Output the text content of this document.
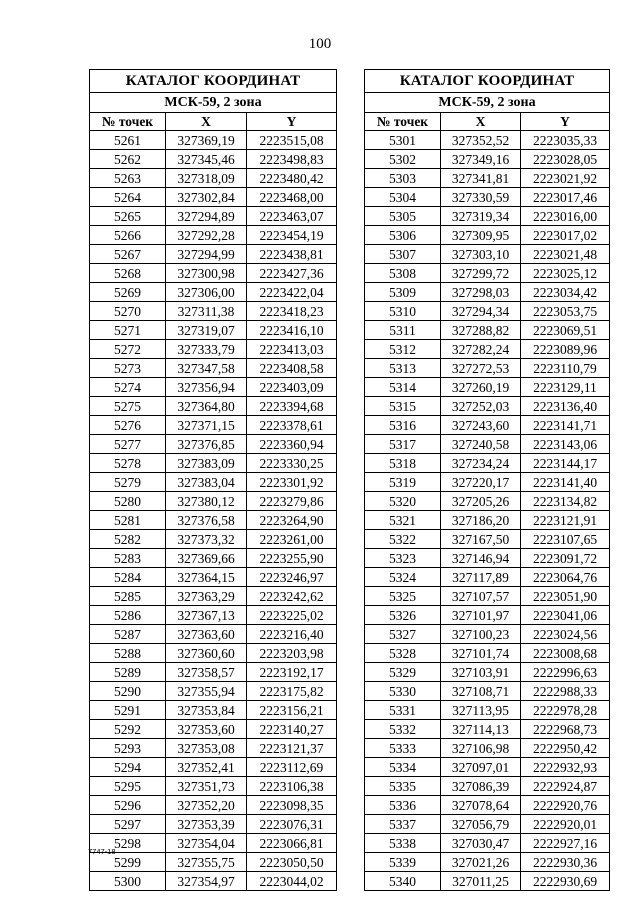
100
КАТАЛОГ КООРДИНАТ		
МСК-59, 2 зона		
№ точек	X	Y
5261	327369,19	2223515,08
5262	327345,46	2223498,83
5263	327318,09	2223480,42
5264	327302,84	2223468,00
5265	327294,89	2223463,07
5266	327292,28	2223454,19
5267	327294,99	2223438,81
5268	327300,98	2223427,36
5269	327306,00	2223422,04
5270	327311,38	2223418,23
5271	327319,07	2223416,10
5272	327333,79	2223413,03
5273	327347,58	2223408,58
5274	327356,94	2223403,09
5275	327364,80	2223394,68
5276	327371,15	2223378,61
5277	327376,85	2223360,94
5278	327383,09	2223330,25
5279	327383,04	2223301,92
5280	327380,12	2223279,86
5281	327376,58	2223264,90
5282	327373,32	2223261,00
5283	327369,66	2223255,90
5284	327364,15	2223246,97
5285	327363,29	2223242,62
5286	327367,13	2223225,02
5287	327363,60	2223216,40
5288	327360,60	2223203,98
5289	327358,57	2223192,17
5290	327355,94	2223175,82
5291	327353,84	2223156,21
5292	327353,60	2223140,27
5293	327353,08	2223121,37
5294	327352,41	2223112,69
5295	327351,73	2223106,38
5296	327352,20	2223098,35
5297	327353,39	2223076,31
5298	327354,04	2223066,81
5299	327355,75	2223050,50
5300	327354,97	2223044,02
КАТАЛОГ КООРДИНАТ		
МСК-59, 2 зона		
№ точек	X	Y
5301	327352,52	2223035,33
5302	327349,16	2223028,05
5303	327341,81	2223021,92
5304	327330,59	2223017,46
5305	327319,34	2223016,00
5306	327309,95	2223017,02
5307	327303,10	2223021,48
5308	327299,72	2223025,12
5309	327298,03	2223034,42
5310	327294,34	2223053,75
5311	327288,82	2223069,51
5312	327282,24	2223089,96
5313	327272,53	2223110,79
5314	327260,19	2223129,11
5315	327252,03	2223136,40
5316	327243,60	2223141,71
5317	327240,58	2223143,06
5318	327234,24	2223144,17
5319	327220,17	2223141,40
5320	327205,26	2223134,82
5321	327186,20	2223121,91
5322	327167,50	2223107,65
5323	327146,94	2223091,72
5324	327117,89	2223064,76
5325	327107,57	2223051,90
5326	327101,97	2223041,06
5327	327100,23	2223024,56
5328	327101,74	2223008,68
5329	327103,91	2222996,63
5330	327108,71	2222988,33
5331	327113,95	2222978,28
5332	327114,13	2222968,73
5333	327106,98	2222950,42
5334	327097,01	2222932,93
5335	327086,39	2222924,87
5336	327078,64	2222920,76
5337	327056,79	2222920,01
5338	327030,47	2222927,16
5339	327021,26	2222930,36
5340	327011,25	2222930,69
7747-18
